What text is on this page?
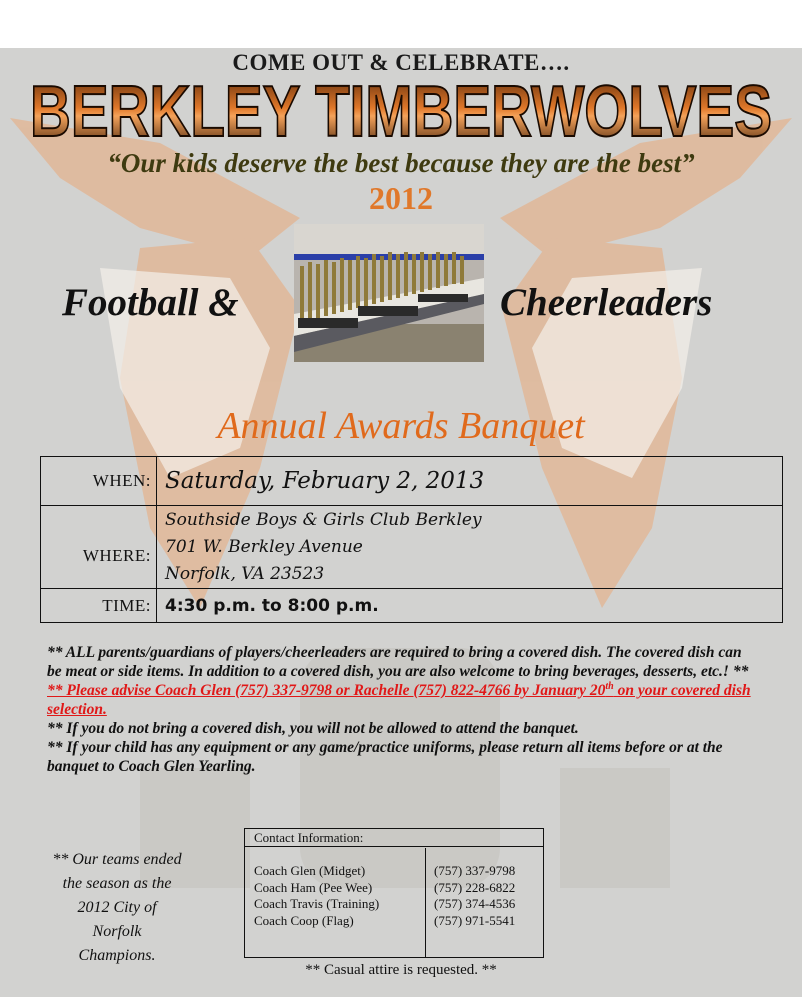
COME OUT & CELEBRATE….
BERKLEY TIMBERWOLVES
“Our kids deserve the best because they are the best”
2012
Football &	Cheerleaders
Annual Awards Banquet
WHEN:	Saturday, February 2, 2013
WHERE:	Southside Boys & Girls Club Berkley
701 W. Berkley Avenue
Norfolk, VA 23523

TIME:	4:30 p.m. to 8:00 p.m.

** ALL parents/guardians of players/cheerleaders are required to bring a covered dish. The covered dish can be meat or side items. In addition to a covered dish, you are also welcome to bring beverages, desserts, etc.! **

** Please advise Coach Glen (757) 337-9798 or Rachelle (757) 822-4766 by January 20th on your covered dish selection.

** If you do not bring a covered dish, you will not be allowed to attend the banquet.

** If your child has any equipment or any game/practice uniforms, please return all items before or at the banquet to Coach Glen Yearling.

** Our teams ended
the season as the
2012 City of
Norfolk
Champions.
Contact Information:
Coach Glen (Midget)	(757) 337-9798
Coach Ham (Pee Wee)	(757) 228-6822
Coach Travis (Training)	(757) 374-4536
Coach Coop (Flag)	(757) 971-5541
** Casual attire is requested. **
